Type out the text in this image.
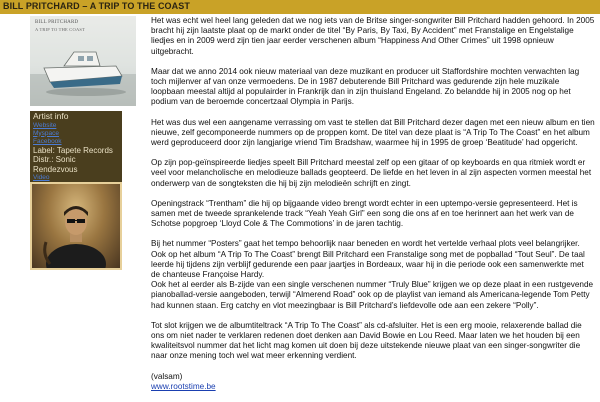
BILL PRITCHARD – A TRIP TO THE COAST
BILL PRITCHARD
A TRIP TO THE COAST
Artist info
Website
Myspace
Facebook
Label: Tapete Records
Distr.: Sonic Rendezvous
Video

Het was echt wel heel lang geleden dat we nog iets van de Britse singer-songwriter Bill Pritchard hadden gehoord. In 2005 bracht hij zijn laatste plaat op de markt onder de titel “By Paris, By Taxi, By Accident” met Franstalige en Engelstalige liedjes en in 2009 werd zijn tien jaar eerder verschenen album “Happiness And Other Crimes” uit 1998 opnieuw uitgebracht.

Maar dat we anno 2014 ook nieuw materiaal van deze muzikant en producer uit Staffordshire mochten verwachten lag toch mijlenver af van onze vermoedens. De in 1987 debuterende Bill Pritchard was gedurende zijn hele muzikale loopbaan meestal altijd al populairder in Frankrijk dan in zijn thuisland Engeland. Zo belandde hij in 2005 nog op het podium van de beroemde concertzaal Olympia in Parijs.

Het was dus wel een aangename verrassing om vast te stellen dat Bill Pritchard dezer dagen met een nieuw album en tien nieuwe, zelf gecomponeerde nummers op de proppen komt. De titel van deze plaat is “A Trip To The Coast” en het album werd geproduceerd door zijn langjarige vriend Tim Bradshaw, waarmee hij in 1995 de groep ‘Beatitude’ had opgericht.

Op zijn pop-geïnspireerde liedjes speelt Bill Pritchard meestal zelf op een gitaar of op keyboards en qua ritmiek wordt er veel voor melancholische en melodieuze ballads geopteerd. De liefde en het leven in al zijn aspecten vormen meestal het onderwerp van de songteksten die hij bij zijn melodieën schrijft en zingt.

Openingstrack “Trentham” die hij op bijgaande video brengt wordt echter in een uptempo-versie gepresenteerd. Het is samen met de tweede sprankelende track “Yeah Yeah Girl” een song die ons af en toe herinnert aan het werk van de Schotse popgroep ‘Lloyd Cole & The Commotions’ in de jaren tachtig.

Bij het nummer “Posters” gaat het tempo behoorlijk naar beneden en wordt het vertelde verhaal plots veel belangrijker. Ook op het album “A Trip To The Coast” brengt Bill Pritchard een Franstalige song met de popballad “Tout Seul”. De taal leerde hij tijdens zijn verblijf gedurende een paar jaartjes in Bordeaux, waar hij in die periode ook een samenwerkte met de chanteuse Françoise Hardy.
Ook het al eerder als B-zijde van een single verschenen nummer “Truly Blue” krijgen we op deze plaat in een rustgevende pianoballad-versie aangeboden, terwijl “Almerend Road” ook op de playlist van iemand als Americana-legende Tom Petty had kunnen staan. Erg catchy en vlot meezingbaar is Bill Pritchard’s liefdevolle ode aan een zekere “Polly”.

Tot slot krijgen we de albumtiteltrack “A Trip To The Coast” als cd-afsluiter. Het is een erg mooie, relaxerende ballad die ons om niet nader te verklaren redenen doet denken aan David Bowie en Lou Reed. Maar laten we het houden bij een kwaliteitsvol nummer dat het licht mag komen uit doen bij deze uitstekende nieuwe plaat van een singer-songwriter die naar onze mening toch wel wat meer erkenning verdient.

(valsam)

www.rootstime.be
